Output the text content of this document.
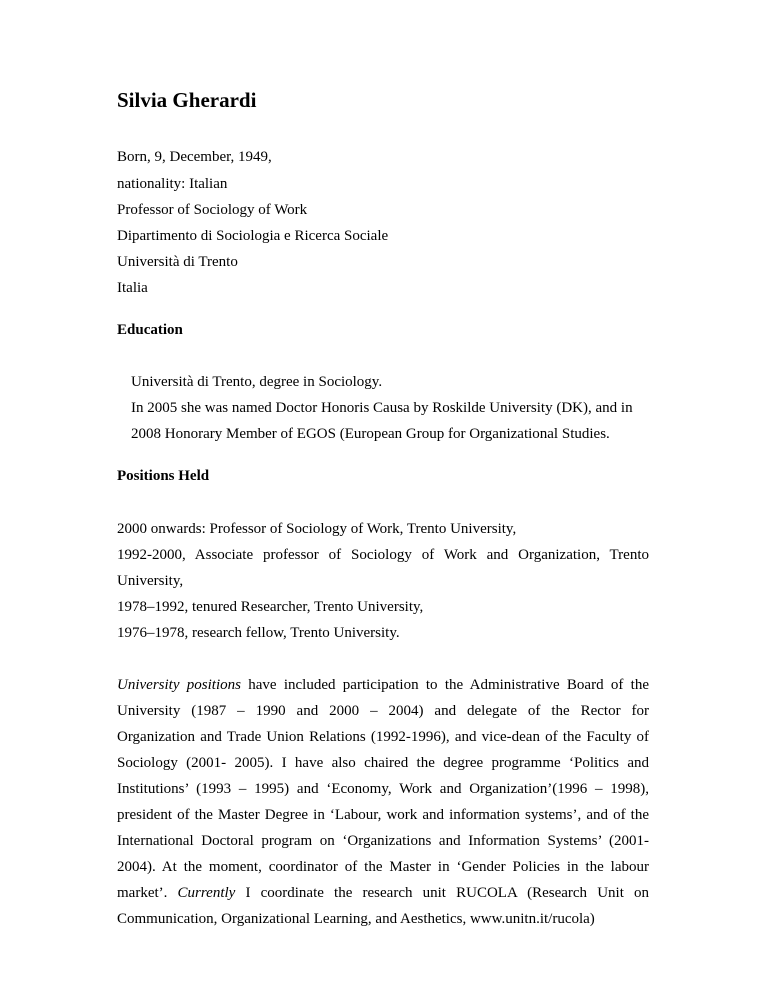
Silvia Gherardi
Born, 9, December, 1949,
nationality: Italian
Professor of Sociology of Work
Dipartimento di Sociologia e Ricerca Sociale
Università di Trento
Italia
Education
Università di Trento, degree in Sociology.
In 2005 she was named Doctor Honoris Causa by Roskilde University (DK), and in
2008 Honorary Member of EGOS (European Group for Organizational Studies.
Positions Held
2000 onwards: Professor of Sociology of Work, Trento University,
1992-2000, Associate professor of Sociology of Work and Organization, Trento
University,
1978–1992, tenured Researcher, Trento University,
1976–1978, research fellow, Trento University.
University positions have included participation to the Administrative Board of the
University (1987 – 1990 and 2000 – 2004) and delegate of the Rector for
Organization and Trade Union Relations (1992-1996), and vice-dean of the Faculty of
Sociology (2001- 2005). I have also chaired the degree programme ‘Politics and
Institutions’ (1993 – 1995) and ‘Economy, Work and Organization’(1996 – 1998),
president of the Master Degree in ‘Labour, work and information systems’, and of the
International Doctoral program on ‘Organizations and Information Systems’ (2001-
2004). At the moment, coordinator of the Master in ‘Gender Policies in the labour
market’. Currently I coordinate the research unit RUCOLA (Research Unit on
Communication, Organizational Learning, and Aesthetics, www.unitn.it/rucola)
